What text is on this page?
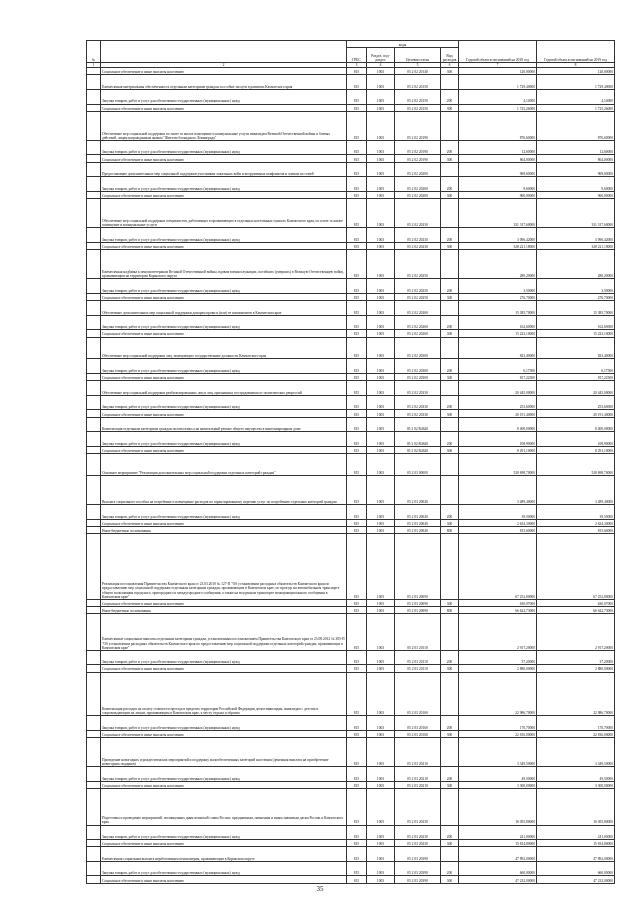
№		коды				Годовой объем ассигнований на 2018 год	Годовой объем ассигнований на 2019 год
		ГРБС	Раздел, под-раздел	Целевая статья	Вид расходов		
1	2	3	4	5	6	7	8
	Социальное обеспечение и иные выплаты населению	815	1003	05 2 02 20140	300	120,00000	120,00000
	Ежемесячная материальная обеспеченность отдельным категориям граждан за особые заслуги в развитии Камчатского края	815	1003	05 2 02 20150		1 729,40000	1 729,40000
	Закупка товаров, работ и услуг для обеспечения государственных (муниципальных) нужд	815	1003	05 2 02 20150	200	4,14000	4,14000
	Социальное обеспечение и иные выплаты населению	815	1003	05 2 02 20150	300	1 725,26000	1 725,26000
	Обеспечение мер социальной поддержки по плате за жилое помещение и коммунальные услуги инвалидам Великой Отечественной войны и боевых действий, лицам награжденным знаком "Жителю блокадного Ленинграда"	815	1003	05 2 02 20190		876,60000	876,60000
	Закупка товаров, работ и услуг для обеспечения государственных (муниципальных) нужд	815	1003	05 2 02 20190	200	12,60000	12,60000
	Социальное обеспечение и иные выплаты населению	815	1003	05 2 02 20190	300	864,00000	864,00000
	Предоставление дополнительных мер социальной поддержки участникам локальных войн и вооруженных конфликтов и членам их семей	815	1003	05 2 02 20200		969,60000	969,60000
	Закупка товаров, работ и услуг для обеспечения государственных (муниципальных) нужд	815	1003	05 2 02 20200	200	9,60000	9,60000
	Социальное обеспечение и иные выплаты населению	815	1003	05 2 02 20200	300	960,00000	960,00000
	Обеспечение мер социальной поддержки специалистов, работающих в проживающих в отдельных населенных пунктах Камчатского края, по плате за жилое помещение и коммунальные услуги	815	1003	05 2 02 20230		331 317,60000	331 317,60000
	Закупка товаров, работ и услуг для обеспечения государственных (муниципальных) нужд	815	1003	05 2 02 20230	200	3 096,42000	3 096,42000
	Социальное обеспечение и иные выплаты населению	815	1003	05 2 02 20230	300	328 221,18000	328 221,18000
	Ежемесячная надбавка к пенсии ветеранам Великой Отечественной войны, вдовам военнослужащих, погибших (умерших) в Великую Отечественную войну, проживающим на территории Корякского округа	815	1003	05 2 02 20250		280,20000	280,20000
	Закупка товаров, работ и услуг для обеспечения государственных (муниципальных) нужд	815	1003	05 2 02 20250	200	3,50000	3,50000
	Социальное обеспечение и иные выплаты населению	815	1003	05 2 02 20250	300	276,70000	276,70000
	Обеспечение дополнительных мер социальной поддержки донорам крови и (или) ее компонентов в Камчатском крае	815	1003	05 2 02 20260		15 385,70000	15 385,70000
	Закупка товаров, работ и услуг для обеспечения государственных (муниципальных) нужд	815	1003	05 2 02 20260	200	162,60000	162,60000
	Социальное обеспечение и иные выплаты населению	815	1003	05 2 02 20260	300	15 223,10000	15 223,10000
	Обеспечение мер социальной поддержки лиц, замещающих государственные должности Камчатского края	815	1003	05 2 02 20300		823,40000	823,40000
	Закупка товаров, работ и услуг для обеспечения государственных (муниципальных) нужд	815	1003	05 2 02 20300	200	6,17500	6,17500
	Социальное обеспечение и иные выплаты населению	815	1003	05 2 02 20300	300	817,22500	817,22500
	Обеспечение мер социальной поддержки реабилитированных лиц и лиц, признанных пострадавшими от политических репрессий	815	1003	05 2 02 20330		20 445,00000	20 445,00000
	Закупка товаров, работ и услуг для обеспечения государственных (муниципальных) нужд	815	1003	05 2 02 20330	200	253,60000	253,60000
	Социальное обеспечение и иные выплаты населению	815	1003	05 2 02 20330	300	20 191,40000	20 191,40000
	Компенсация отдельным категориям граждан оплаты взноса на капитальный ремонт общего имущества в многоквартирном доме	815	1003	05 2 02 R4620		8 400,00000	8 400,00000
	Закупка товаров, работ и услуг для обеспечения государственных (муниципальных) нужд	815	1003	05 2 02 R4620	200	108,90000	108,90000
	Социальное обеспечение и иные выплаты населению	815	1003	05 2 02 R4620	300	8 291,10000	8 291,10000
	Основное мероприятие "Реализация дополнительных мер социальной поддержки отдельных категорий граждан"	815	1003	05 2 03 00000		528 698,70000	528 698,70000
	Выплата социального пособия на погребение и возмещение расходов по гарантированному перечню услуг по погребению отдельных категорий граждан	815	1003	05 2 03 20040		3 489,40000	3 489,40000
	Закупка товаров, работ и услуг для обеспечения государственных (муниципальных) нужд	815	1003	05 2 03 20040	200	39,50000	39,50000
	Социальное обеспечение и иные выплаты населению	815	1003	05 2 03 20040	300	2 634,30000	2 634,30000
	Иные бюджетные ассигнования	815	1003	05 2 03 20040	800	815,60000	815,60000
	Реализация постановления Правительства Камчатского края от 23.03.2010 № 127-П "Об установлении расходных обязательств Камчатского края по предоставлению мер социальной поддержки отдельным категориям граждан, проживающим в Камчатском крае, по проезду на автомобильном транспорте общего пользования городского, пригородного и междугородного сообщения, а также на воздушном транспорте межмуниципального сообщения в Камчатском крае"	815	1003	05 2 03 20090		67 252,80000	67 252,80000
	Социальное обеспечение и иные выплаты населению	815	1003	05 2 03 20090	300	630,07000	630,07000
	Иные бюджетные ассигнования	815	1003	05 2 03 20090	800	66 622,73000	66 622,73000
	Ежемесячные социальные выплаты отдельным категориям граждан, установленным постановлением Правительства Камчатского края от 23.08.2012 № 385-П "Об установлении расходных обязательств Камчатского края по предоставлению мер социальной поддержки отдельных категорий граждан, проживающих в Камчатском крае"	815	1003	05 2 03 20110		2 917,20000	2 917,20000
	Закупка товаров, работ и услуг для обеспечения государственных (муниципальных) нужд	815	1003	05 2 03 20110	200	37,20000	37,20000
	Социальное обеспечение и иные выплаты населению	815	1003	05 2 03 20110	300	2 880,00000	2 880,00000
	Компенсация расходов на оплату стоимости проезда в пределах территории Российской Федерации детям-инвалидам, инвалидам с детства и сопровождающим их лицам, проживающим в Камчатском крае, к месту отдыха и обратно	815	1003	05 2 03 20160		22 986,70000	22 986,70000
	Закупка товаров, работ и услуг для обеспечения государственных (муниципальных) нужд	815	1003	05 2 03 20160	200	170,70000	170,70000
	Социальное обеспечение и иные выплаты населению	815	1003	05 2 03 20160	300	22 816,00000	22 816,00000
	Проведение новогодних и рождественских мероприятий и поддержку малообеспеченных категорий населения (денежная выплата на приобретение новогодних подарков)	815	1003	05 2 03 20210		3 349,50000	3 349,50000
	Закупка товаров, работ и услуг для обеспечения государственных (муниципальных) нужд	815	1003	05 2 03 20210	200	49,50000	49,50000
	Социальное обеспечение и иные выплаты населению	815	1003	05 2 03 20210	300	3 300,00000	3 300,00000
	Подготовка и проведение мероприятий, посвященных дням воинской славы России, праздничным, памятным и иным значимым датам России и Камчатского края	815	1003	05 2 03 20230		16 055,80000	16 055,80000
	Закупка товаров, работ и услуг для обеспечения государственных (муниципальных) нужд	815	1003	05 2 03 20230	200	241,00000	241,00000
	Социальное обеспечение и иные выплаты населению	815	1003	05 2 03 20230	300	15 814,80000	15 814,80000
	Ежемесячная социальная выплата неработающим пенсионерам, проживающим в Корякском округе	815	1003	05 2 03 20390		47 892,00000	47 892,00000
	Закупка товаров, работ и услуг для обеспечения государственных (муниципальных) нужд	815	1003	05 2 03 20390	200	660,00000	660,00000
	Социальное обеспечение и иные выплаты населению	815	1003	05 2 03 20390	300	47 232,00000	47 232,00000
35
